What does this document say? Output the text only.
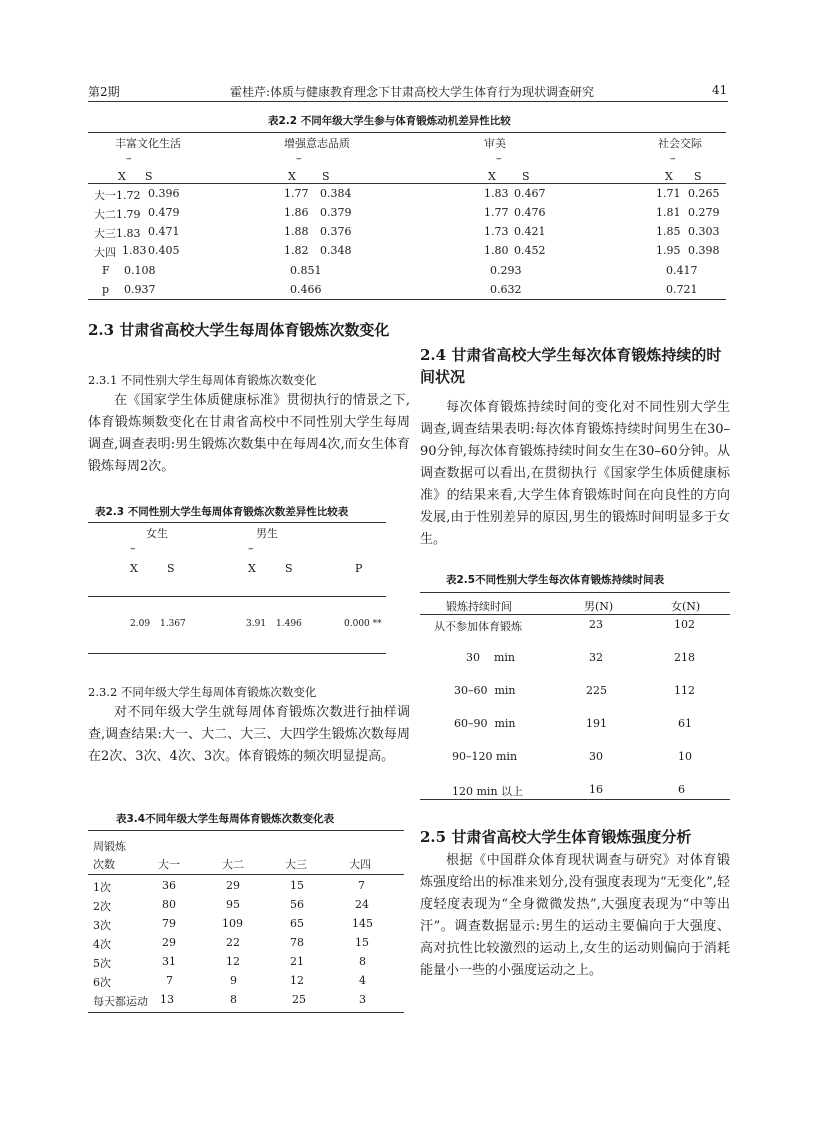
第2期	霍桂芹:体质与健康教育理念下甘肃高校大学生体育行为现状调查研究	41
表2.2 不同年级大学生参与体育锻炼动机差异性比较
丰富文化生活	增强意志品质	审美	社会交际
–	–	–	–
X S	X S	X S	X S
大一1.72 0.396	1.77 0.384	1.83 0.467	1.71 0.265
大二1.79 0.479	1.86 0.379	1.77 0.476	1.81 0.279
大三1.83 0.471	1.88 0.376	1.73 0.421	1.85 0.303
大四 1.83 0.405	1.82 0.348	1.80 0.452	1.95 0.398
F 0.108	0.851	0.293	0.417
p 0.937	0.466	0.632	0.721
2.3 甘肃省高校大学生每周体育锻炼次数变化
2.3.1 不同性别大学生每周体育锻炼次数变化

在《国家学生体质健康标准》贯彻执行的情景之下,体育锻炼频数变化在甘肃省高校中不同性别大学生每周调查,调查表明:男生锻炼次数集中在每周4次,而女生体育锻炼每周2次。

表2.3 不同性别大学生每周体育锻炼次数差异性比较表
女生	男生
–	–
X	S	X	S	P
2.09 1.367	3.91 1.496	0.000 **
2.3.2 不同年级大学生每周体育锻炼次数变化

对不同年级大学生就每周体育锻炼次数进行抽样调查,调查结果:大一、大二、大三、大四学生锻炼次数每周在2次、3次、4次、3次。体育锻炼的频次明显提高。

表3.4不同年级大学生每周体育锻炼次数变化表
周锻炼
次数	大一	大二	大三	大四
1次	36	29	15	7
2次	80	95	56	24
3次	79	109	65	145
4次	29	22	78	15
5次	31	12	21	8
6次	7	9	12	4
每天都运动 13	8	25	3
2.4 甘肃省高校大学生每次体育锻炼持续的时间状况

每次体育锻炼持续时间的变化对不同性别大学生调查,调查结果表明:每次体育锻炼持续时间男生在30–90分钟,每次体育锻炼持续时间女生在30–60分钟。从调查数据可以看出,在贯彻执行《国家学生体质健康标准》的结果来看,大学生体育锻炼时间在向良性的方向发展,由于性别差异的原因,男生的锻炼时间明显多于女生。

表2.5不同性别大学生每次体育锻炼持续时间表
锻炼持续时间	男(N)	女(N)
从不参加体育锻炼	23	102
30    min	32	218
30–60  min	225	112
60–90  min	191	61
90–120 min	30	10
120 min 以上	16	6
2.5 甘肃省高校大学生体育锻炼强度分析

根据《中国群众体育现状调查与研究》对体育锻炼强度给出的标准来划分,没有强度表现为“无变化”,轻度轻度表现为“全身微微发热”,大强度表现为“中等出汗”。调查数据显示:男生的运动主要偏向于大强度、高对抗性比较激烈的运动上,女生的运动则偏向于消耗能量小一些的小强度运动之上。
